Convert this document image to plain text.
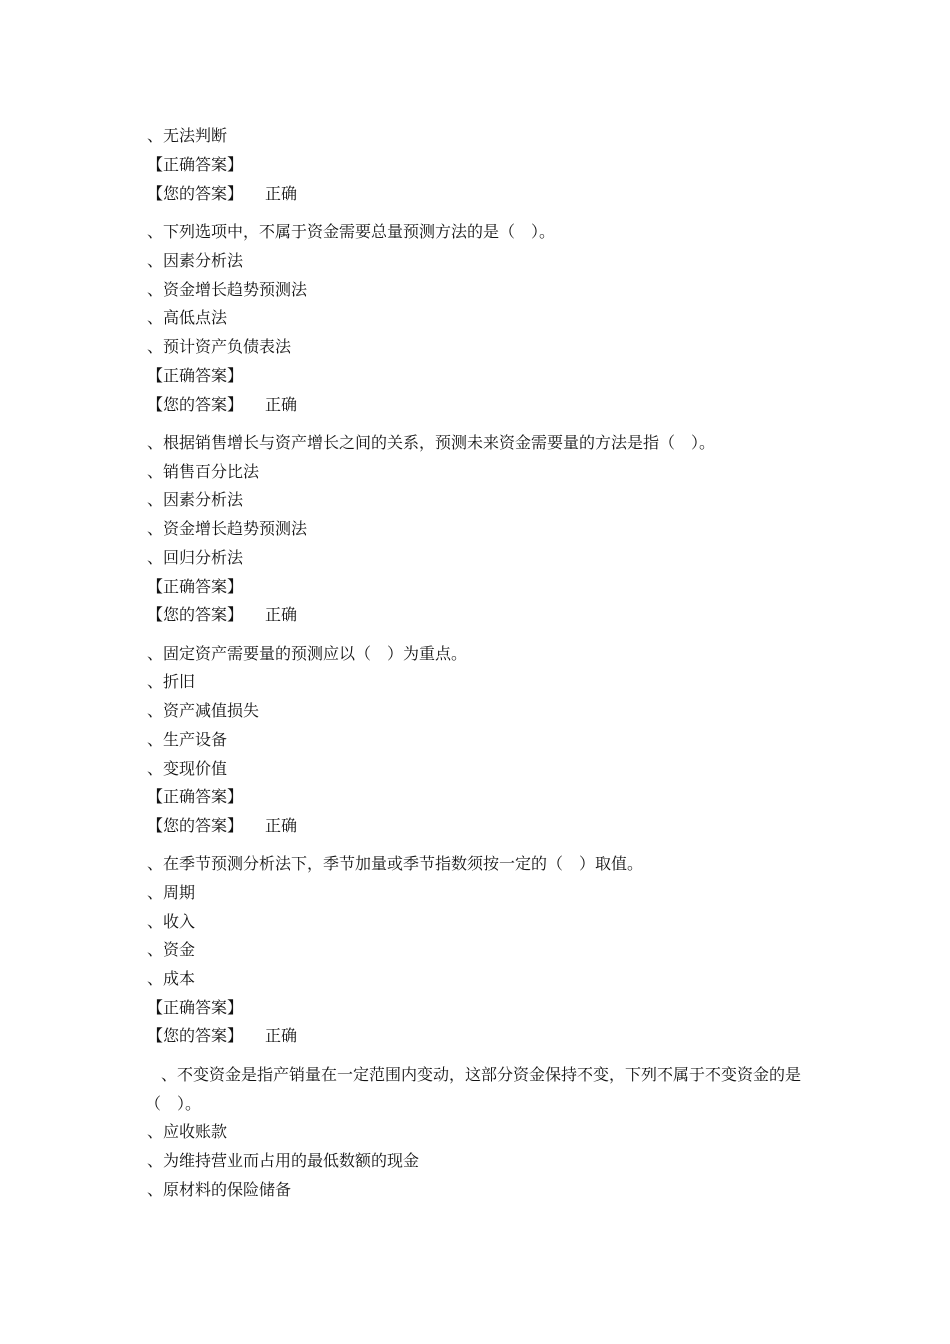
、无法判断
【正确答案】
【您的答案】 正确
、下列选项中，不属于资金需要总量预测方法的是（　）。
、因素分析法
、资金增长趋势预测法
、高低点法
、预计资产负债表法
【正确答案】
【您的答案】 正确
、根据销售增长与资产增长之间的关系，预测未来资金需要量的方法是指（　）。
、销售百分比法
、因素分析法
、资金增长趋势预测法
、回归分析法
【正确答案】
【您的答案】 正确
、固定资产需要量的预测应以（　）为重点。
、折旧
、资产减值损失
、生产设备
、变现价值
【正确答案】
【您的答案】 正确
、在季节预测分析法下，季节加量或季节指数须按一定的（　）取值。
、周期
、收入
、资金
、成本
【正确答案】
【您的答案】 正确
　、不变资金是指产销量在一定范围内变动，这部分资金保持不变，下列不属于不变资金的是（　）。
、应收账款
、为维持营业而占用的最低数额的现金
、原材料的保险储备
